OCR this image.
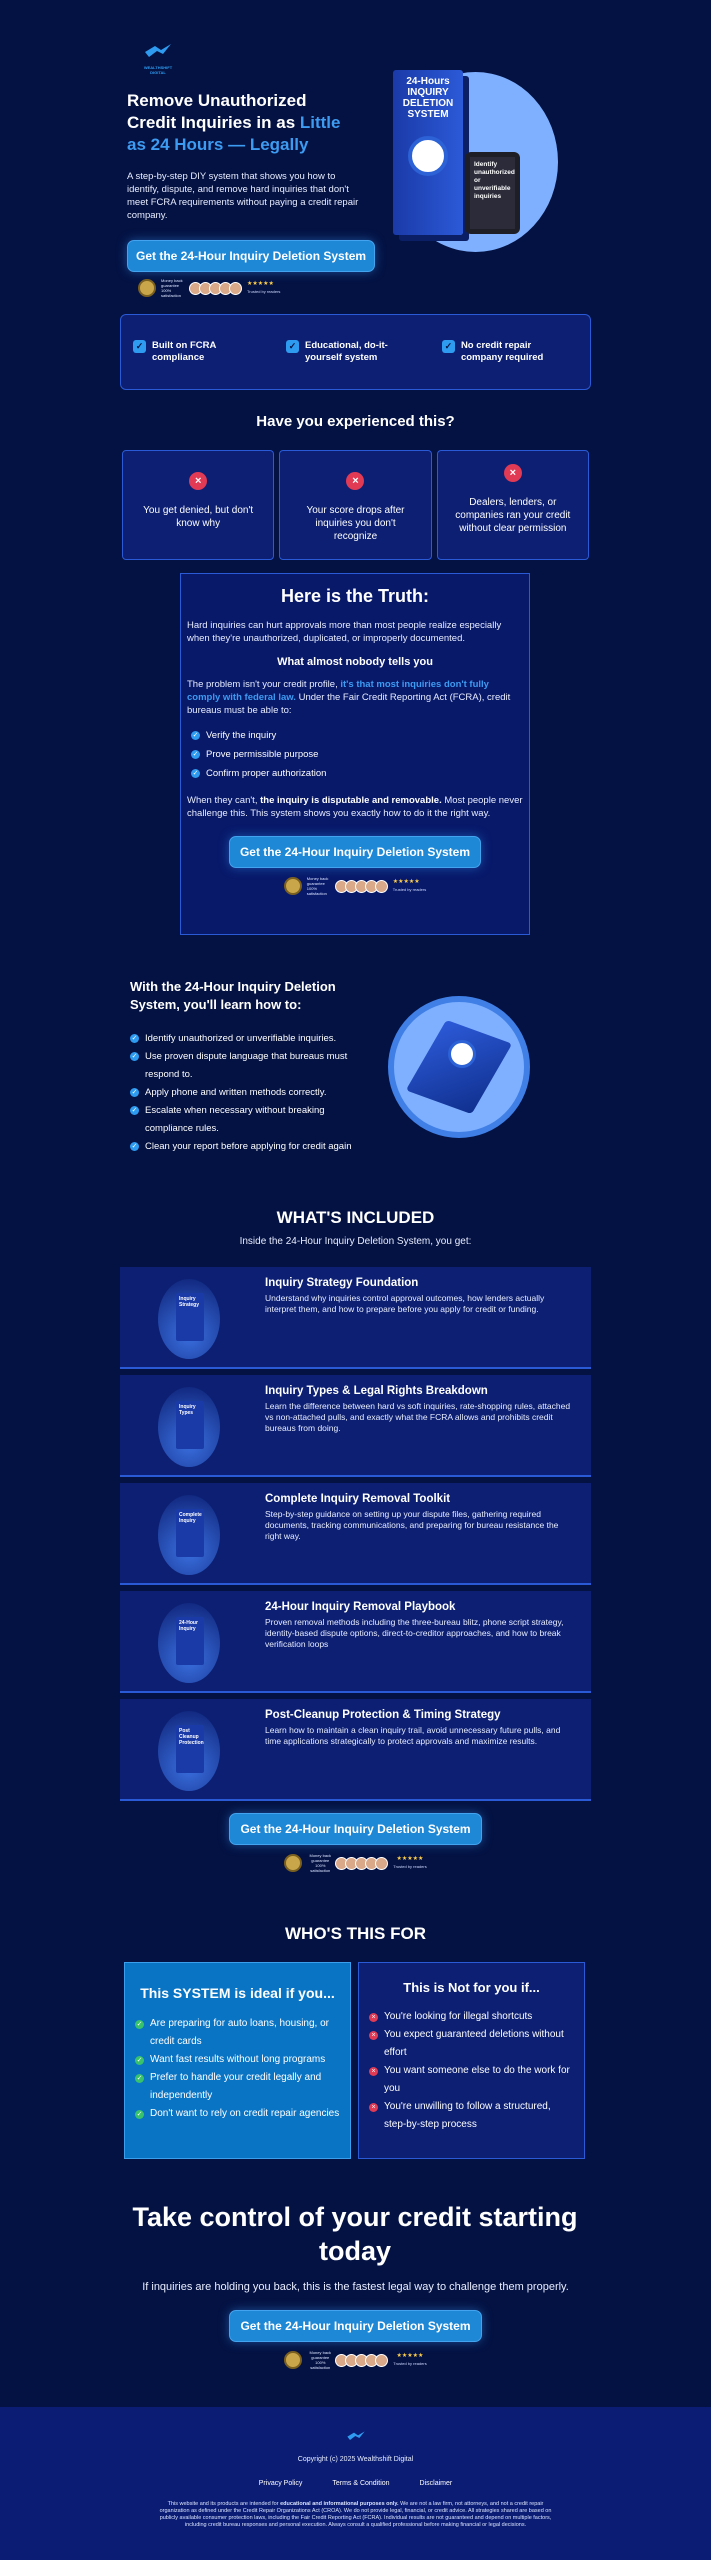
WEALTHSHIFT DIGITAL
Remove Unauthorized
Credit Inquiries in as Little
as 24 Hours — Legally

A step-by-step DIY system that shows you how to identify, dispute, and remove hard inquiries that don't meet FCRA requirements without paying a credit repair company.

Get the 24-Hour Inquiry Deletion System
Money back guarantee 100% satisfaction
★★★★★
Trusted by readers
24-Hours INQUIRY DELETION SYSTEM
Identify unauthorized or unverifiable inquiries
✓ Built on FCRA compliance
✓ Educational, do-it-yourself system
✓ No credit repair company required
Have you experienced this?
×
You get denied, but don't know why
×
Your score drops after inquiries you don't recognize
×
Dealers, lenders, or companies ran your credit without clear permission
Here is the Truth:

Hard inquiries can hurt approvals more than most people realize especially when they're unauthorized, duplicated, or improperly documented.

What almost nobody tells you

The problem isn't your credit profile, it's that most inquiries don't fully comply with federal law. Under the Fair Credit Reporting Act (FCRA), credit bureaus must be able to:

✓ Verify the inquiry
✓ Prove permissible purpose
✓ Confirm proper authorization

When they can't, the inquiry is disputable and removable. Most people never challenge this. This system shows you exactly how to do it the right way.

Get the 24-Hour Inquiry Deletion System
Money back guarantee 100% satisfaction
★★★★★
Trusted by readers
With the 24-Hour Inquiry Deletion System, you'll learn how to:
✓ Identify unauthorized or unverifiable inquiries.
✓ Use proven dispute language that bureaus must respond to.
✓ Apply phone and written methods correctly.
✓ Escalate when necessary without breaking compliance rules.
✓ Clean your report before applying for credit again
WHAT'S INCLUDED
Inside the 24-Hour Inquiry Deletion System, you get:
Inquiry Strategy
Inquiry Strategy Foundation
Understand why inquiries control approval outcomes, how lenders actually interpret them, and how to prepare before you apply for credit or funding.
Inquiry Types
Inquiry Types & Legal Rights Breakdown
Learn the difference between hard vs soft inquiries, rate-shopping rules, attached vs non-attached pulls, and exactly what the FCRA allows and prohibits credit bureaus from doing.
Complete Inquiry
Complete Inquiry Removal Toolkit
Step-by-step guidance on setting up your dispute files, gathering required documents, tracking communications, and preparing for bureau resistance the right way.
24-Hour Inquiry
24-Hour Inquiry Removal Playbook
Proven removal methods including the three-bureau blitz, phone script strategy, identity-based dispute options, direct-to-creditor approaches, and how to break verification loops
Post Cleanup Protection
Post-Cleanup Protection & Timing Strategy
Learn how to maintain a clean inquiry trail, avoid unnecessary future pulls, and time applications strategically to protect approvals and maximize results.
Get the 24-Hour Inquiry Deletion System
Money back guarantee 100% satisfaction
★★★★★
Trusted by readers
WHO'S THIS FOR
This SYSTEM is ideal if you...
✓ Are preparing for auto loans, housing, or credit cards
✓ Want fast results without long programs
✓ Prefer to handle your credit legally and independently
✓ Don't want to rely on credit repair agencies
This is Not for you if...
× You're looking for illegal shortcuts
× You expect guaranteed deletions without effort
× You want someone else to do the work for you
× You're unwilling to follow a structured, step-by-step process
Take control of your credit starting today
If inquiries are holding you back, this is the fastest legal way to challenge them properly.
Get the 24-Hour Inquiry Deletion System
Money back guarantee 100% satisfaction
★★★★★
Trusted by readers
Copyright (c) 2025 Wealthshift Digital
Privacy Policy	Terms & Condition	Disclaimer

This website and its products are intended for educational and informational purposes only. We are not a law firm, not attorneys, and not a credit repair organization as defined under the Credit Repair Organizations Act (CROA). We do not provide legal, financial, or credit advice. All strategies shared are based on publicly available consumer protection laws, including the Fair Credit Reporting Act (FCRA). Individual results are not guaranteed and depend on multiple factors, including credit bureau responses and personal execution. Always consult a qualified professional before making financial or legal decisions.
